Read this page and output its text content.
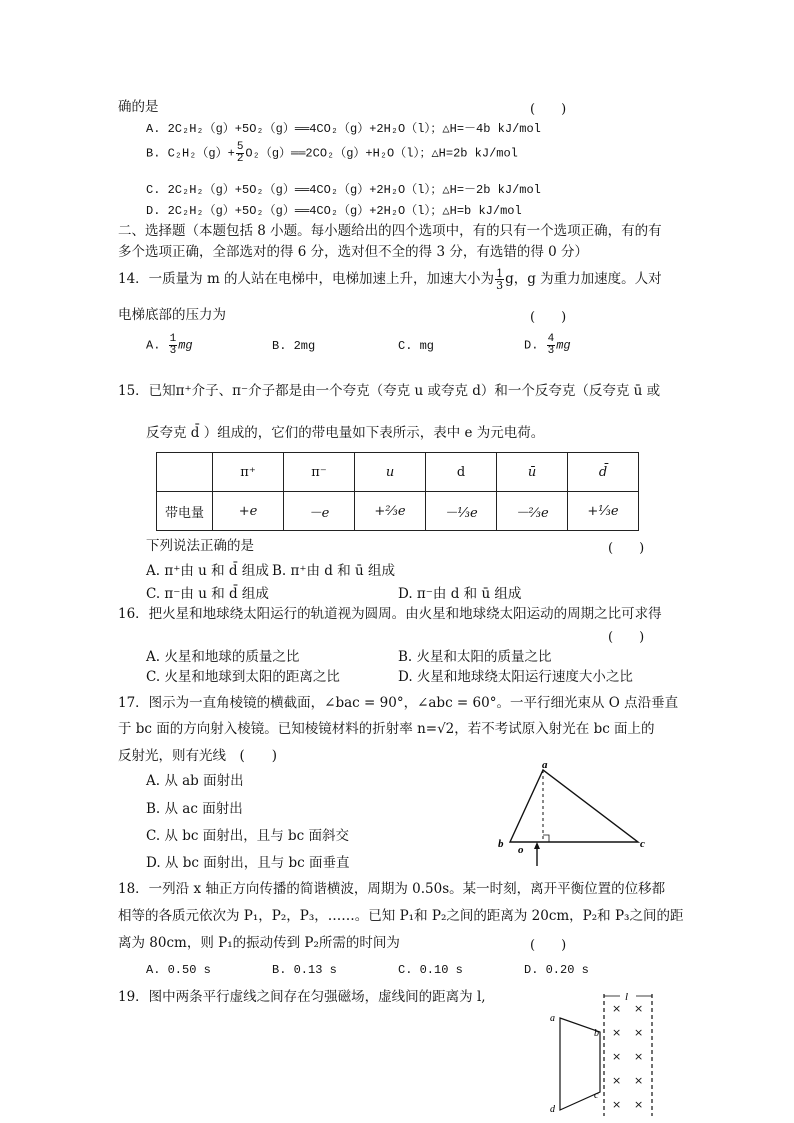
确的是	(　　)
A. 2C₂H₂（g）+5O₂（g）══4CO₂（g）+2H₂O（l）；△H=－4b kJ/mol
B. $C_2H_2(g)+ \frac{5}{2}$ O₂（g）══2CO₂（g）+H₂O（l）；△H=2b kJ/mol
C. 2C₂H₂（g）+5O₂（g）══4CO₂（g）+2H₂O（l）；△H=－2b kJ/mol
D. 2C₂H₂（g）+5O₂（g）══4CO₂（g）+2H₂O（l）；△H=b kJ/mol
二、选择题（本题包括 8 小题。每小题给出的四个选项中，有的只有一个选项正确，有的有
多个选项正确，全部选对的得 6 分，选对但不全的得 3 分，有选错的得 0 分）
14．一质量为 m 的人站在电梯中，电梯加速上升，加速大小为 $\frac{1}{3}$ g，g 为重力加速度。人对
电梯底部的压力为	(　　)
A. $\frac{1}{3}$ mg	B. 2mg	C. mg	D. $\frac{4}{3}$ mg
15．已知π⁺介子、π⁻介子都是由一个夸克（夸克 u 或夸克 d）和一个反夸克（反夸克 ū 或
反夸克 d̄ ）组成的，它们的带电量如下表所示，表中 e 为元电荷。
	π⁺	π⁻	u	d	ū	d̄
带电量	+e	－e	+⅔e	－⅓e	－⅔e	+⅓e
下列说法正确的是	(　　)
A. π⁺由 u 和 d̄ 组成 B. π⁺由 d 和 ū 组成
C. π⁻由 u 和 d̄ 组成	D. π⁻由 d 和 ū 组成
16．把火星和地球绕太阳运行的轨道视为圆周。由火星和地球绕太阳运动的周期之比可求得
(　　)
A. 火星和地球的质量之比	B. 火星和太阳的质量之比
C. 火星和地球到太阳的距离之比	D. 火星和地球绕太阳运行速度大小之比
17．图示为一直角棱镜的横截面，∠bac = 90°，∠abc = 60°。一平行细光束从 O 点沿垂直
于 bc 面的方向射入棱镜。已知棱镜材料的折射率 n=√2，若不考试原入射光在 bc 面上的
反射光，则有光线　(　　)
A. 从 ab 面射出
B. 从 ac 面射出
C. 从 bc 面射出，且与 bc 面斜交
D. 从 bc 面射出，且与 bc 面垂直
a
b o	c
18．一列沿 x 轴正方向传播的简谐横波，周期为 0.50s。某一时刻，离开平衡位置的位移都
相等的各质元依次为 P₁，P₂，P₃，……。已知 P₁和 P₂之间的距离为 20cm，P₂和 P₃之间的距
离为 80cm，则 P₁的振动传到 P₂所需的时间为	(　　)
A. 0.50 s	B. 0.13 s	C. 0.10 s	D. 0.20 s
19．图中两条平行虚线之间存在匀强磁场，虚线间的距离为 l,	l
a
b
c
d
× ×
× ×
× ×
× ×
× ×
